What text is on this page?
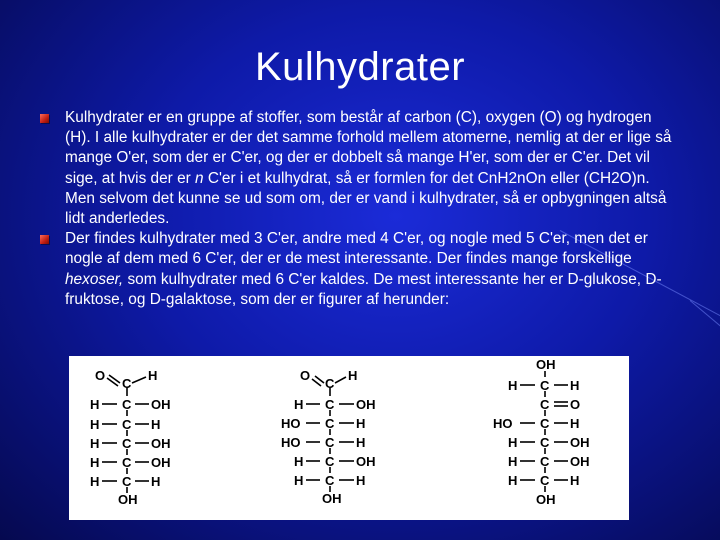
Kulhydrater
Kulhydrater er en gruppe af stoffer, som består af carbon (C), oxygen (O) og hydrogen (H). I alle kulhydrater er der det samme forhold mellem atomerne, nemlig at der er lige så mange O'er, som der er C'er, og der er dobbelt så mange H'er, som der er C'er. Det vil sige, at hvis der er n C'er i et kulhydrat, så er formlen for det CnH2nOn eller (CH2O)n. Men selvom det kunne se ud som om, der er vand i kulhydrater, så er opbygningen altså lidt anderledes.
Der findes kulhydrater med 3 C'er, andre med 4 C'er, og nogle med 5 C'er, men det er nogle af dem med 6 C'er, der er de mest interessante. Der findes mange forskellige hexoser, som kulhydrater med 6 C'er kaldes. De mest interessante her er D-glukose, D-fruktose, og D-galaktose, som der er figurer af herunder:
O
C
H
H C OH
H C H
H C OH
H C OH
H C H
OH
O
C
H
H C OH
HO C H
HO C H
H C OH
H C H
OH
OH
H C H
C O
HO C H
H C OH
H C OH
H C H
OH
